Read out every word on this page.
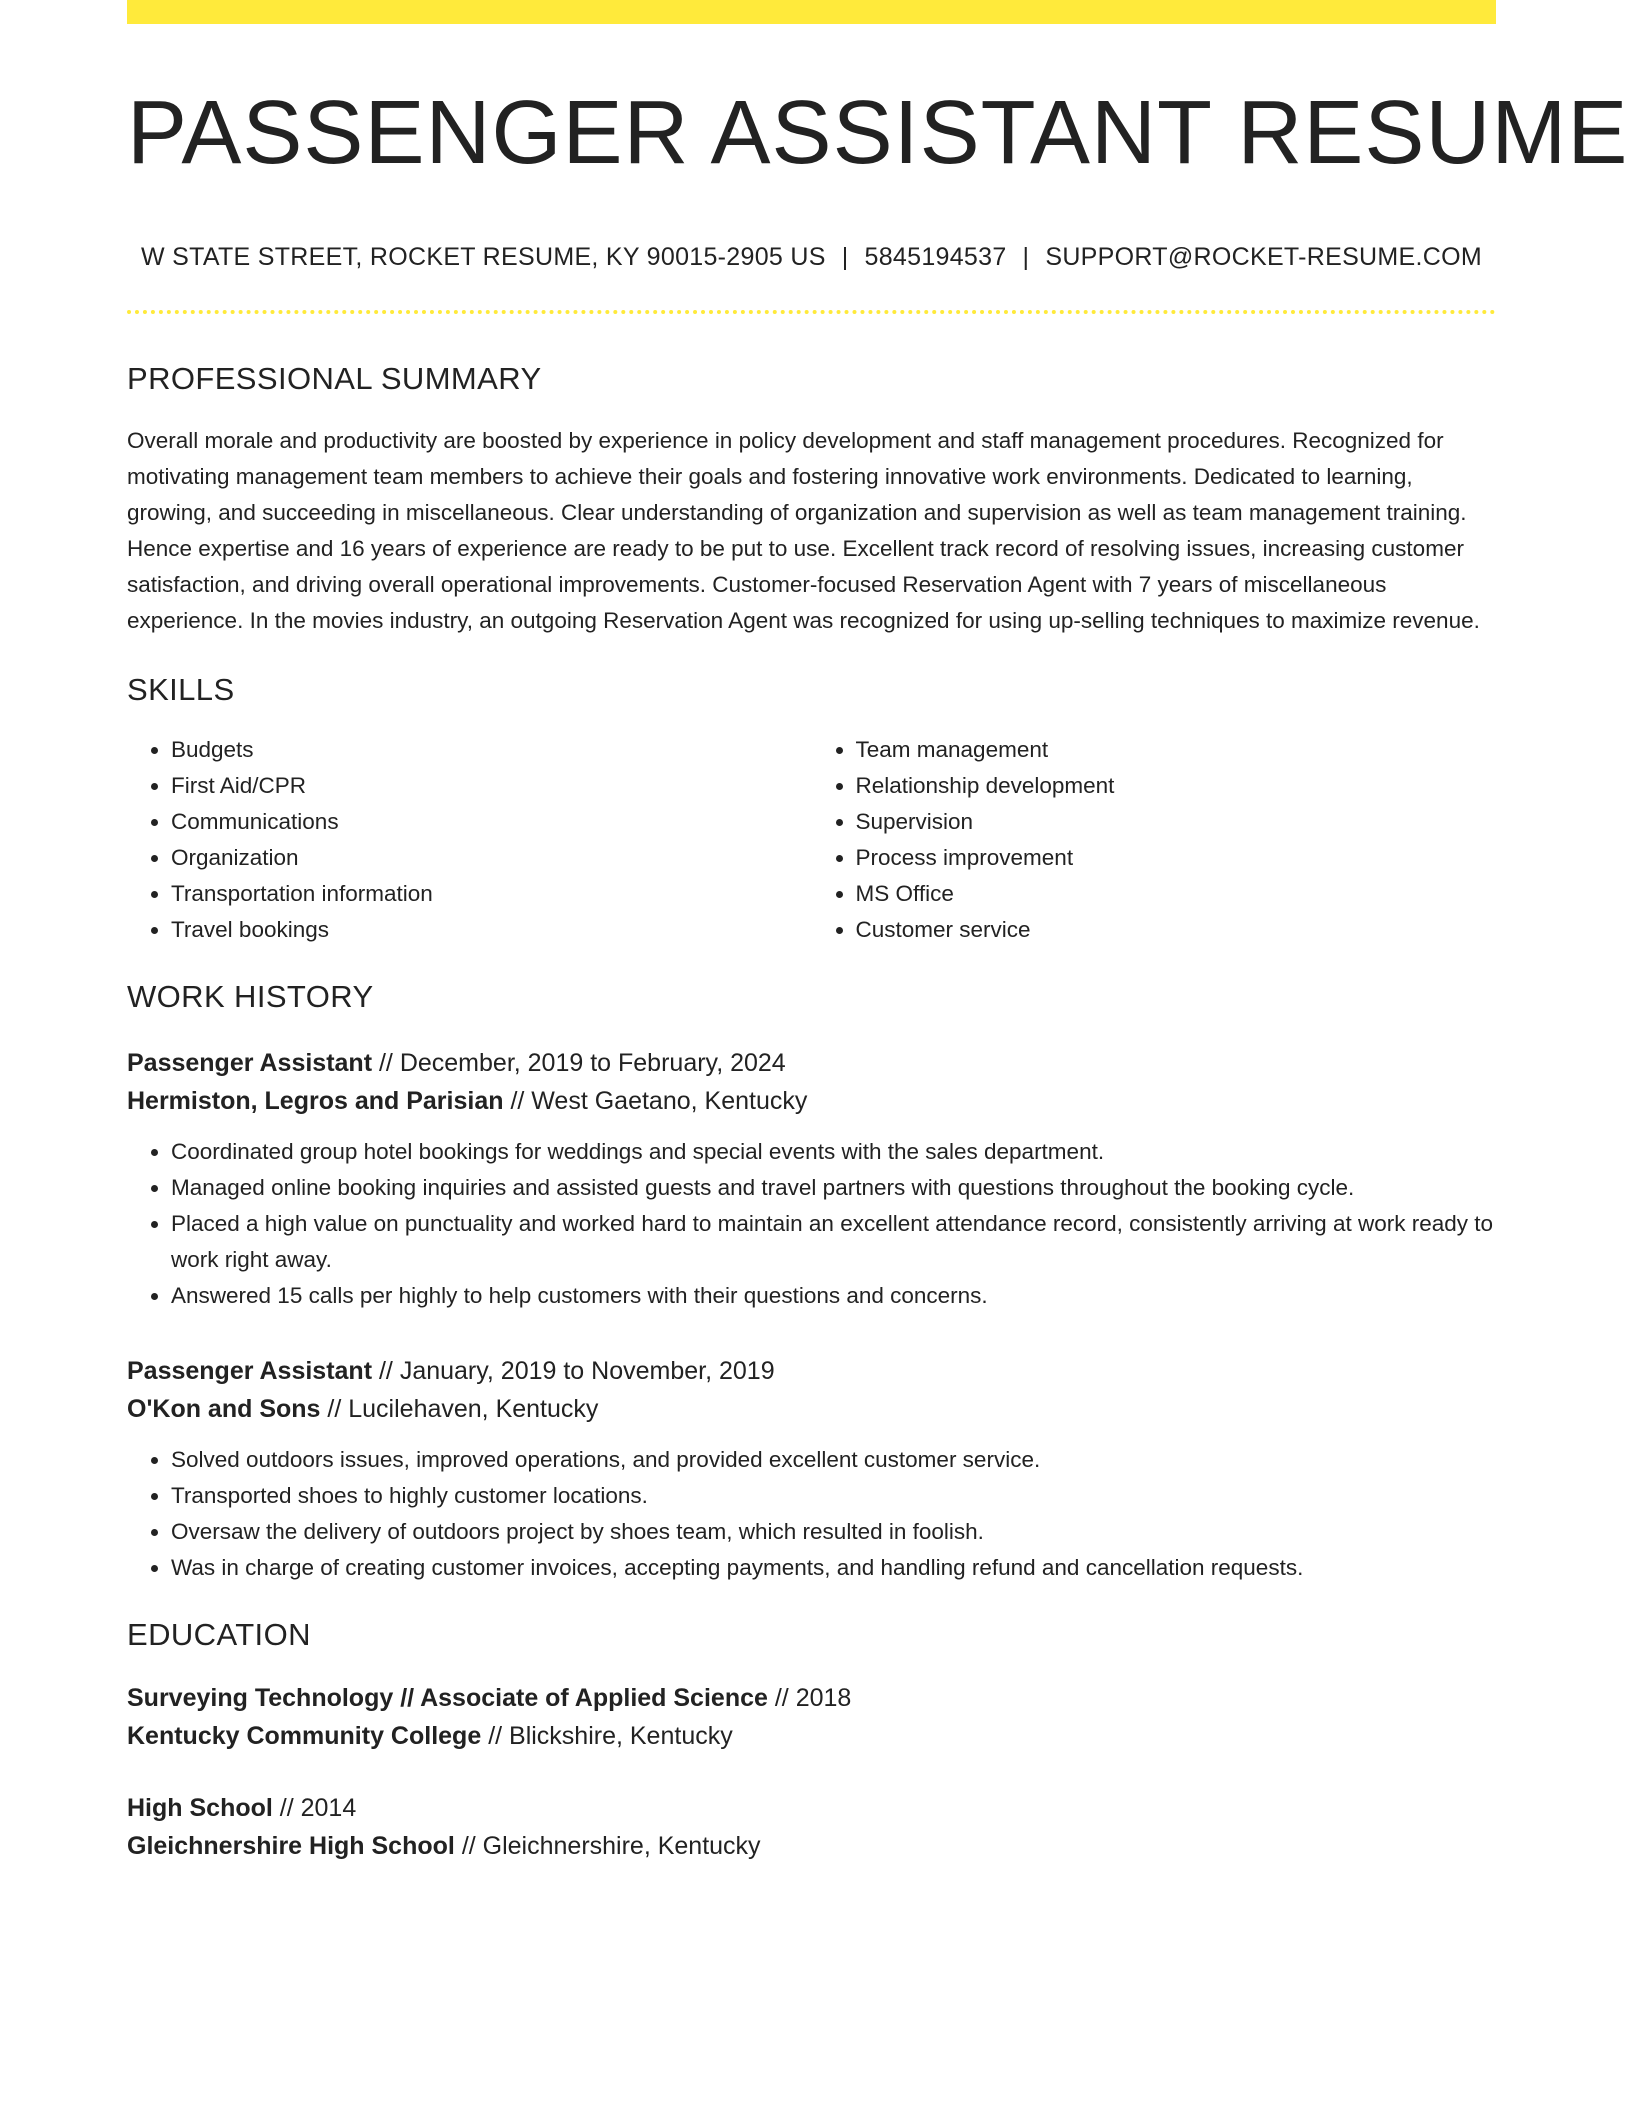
PASSENGER ASSISTANT RESUME
W STATE STREET, ROCKET RESUME, KY 90015-2905 US | 5845194537 | SUPPORT@ROCKET-RESUME.COM
PROFESSIONAL SUMMARY
Overall morale and productivity are boosted by experience in policy development and staff management procedures. Recognized for motivating management team members to achieve their goals and fostering innovative work environments. Dedicated to learning, growing, and succeeding in miscellaneous. Clear understanding of organization and supervision as well as team management training. Hence expertise and 16 years of experience are ready to be put to use. Excellent track record of resolving issues, increasing customer satisfaction, and driving overall operational improvements. Customer-focused Reservation Agent with 7 years of miscellaneous experience. In the movies industry, an outgoing Reservation Agent was recognized for using up-selling techniques to maximize revenue.
SKILLS
• Budgets
• First Aid/CPR
• Communications
• Organization
• Transportation information
• Travel bookings
• Team management
• Relationship development
• Supervision
• Process improvement
• MS Office
• Customer service
WORK HISTORY
Passenger Assistant // December, 2019 to February, 2024
Hermiston, Legros and Parisian // West Gaetano, Kentucky
• Coordinated group hotel bookings for weddings and special events with the sales department.
• Managed online booking inquiries and assisted guests and travel partners with questions throughout the booking cycle.
• Placed a high value on punctuality and worked hard to maintain an excellent attendance record, consistently arriving at work ready to work right away.
• Answered 15 calls per highly to help customers with their questions and concerns.
Passenger Assistant // January, 2019 to November, 2019
O'Kon and Sons // Lucilehaven, Kentucky
• Solved outdoors issues, improved operations, and provided excellent customer service.
• Transported shoes to highly customer locations.
• Oversaw the delivery of outdoors project by shoes team, which resulted in foolish.
• Was in charge of creating customer invoices, accepting payments, and handling refund and cancellation requests.
EDUCATION
Surveying Technology // Associate of Applied Science // 2018
Kentucky Community College // Blickshire, Kentucky
High School // 2014
Gleichnershire High School // Gleichnershire, Kentucky
